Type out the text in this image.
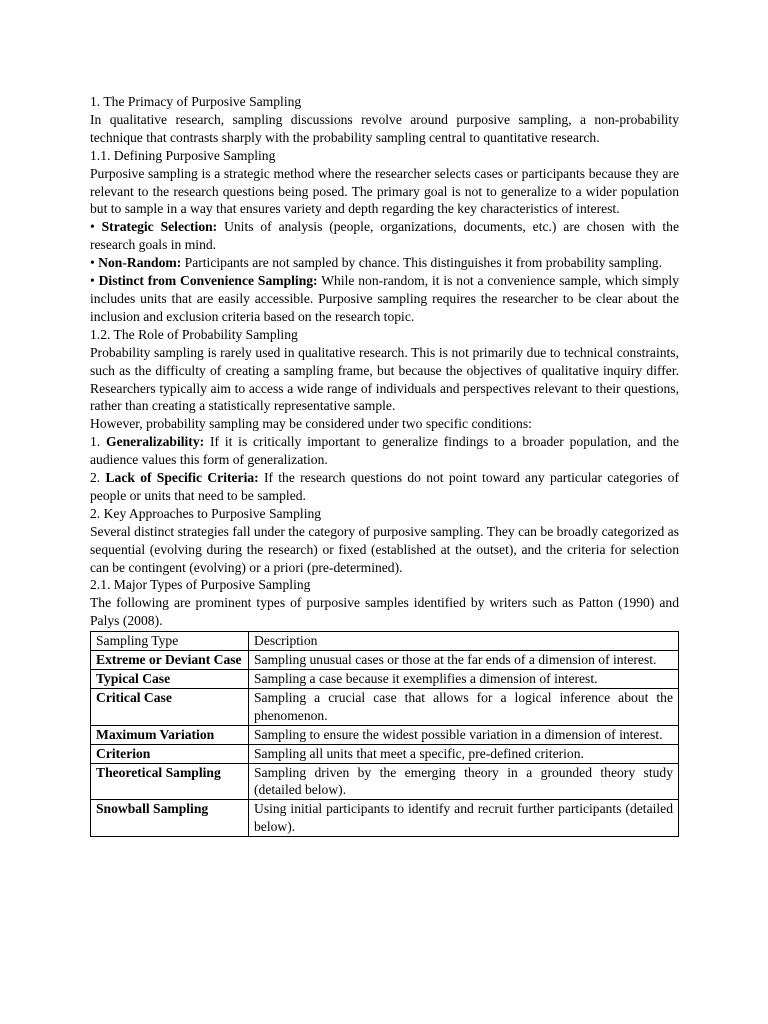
1. The Primacy of Purposive Sampling

In qualitative research, sampling discussions revolve around purposive sampling, a non-probability technique that contrasts sharply with the probability sampling central to quantitative research.

1.1. Defining Purposive Sampling

Purposive sampling is a strategic method where the researcher selects cases or participants because they are relevant to the research questions being posed. The primary goal is not to generalize to a wider population but to sample in a way that ensures variety and depth regarding the key characteristics of interest.

• Strategic Selection: Units of analysis (people, organizations, documents, etc.) are chosen with the research goals in mind.

• Non-Random: Participants are not sampled by chance. This distinguishes it from probability sampling.

• Distinct from Convenience Sampling: While non-random, it is not a convenience sample, which simply includes units that are easily accessible. Purposive sampling requires the researcher to be clear about the inclusion and exclusion criteria based on the research topic.

1.2. The Role of Probability Sampling

Probability sampling is rarely used in qualitative research. This is not primarily due to technical constraints, such as the difficulty of creating a sampling frame, but because the objectives of qualitative inquiry differ. Researchers typically aim to access a wide range of individuals and perspectives relevant to their questions, rather than creating a statistically representative sample.

However, probability sampling may be considered under two specific conditions:

1. Generalizability: If it is critically important to generalize findings to a broader population, and the audience values this form of generalization.

2. Lack of Specific Criteria: If the research questions do not point toward any particular categories of people or units that need to be sampled.

2. Key Approaches to Purposive Sampling

Several distinct strategies fall under the category of purposive sampling. They can be broadly categorized as sequential (evolving during the research) or fixed (established at the outset), and the criteria for selection can be contingent (evolving) or a priori (pre-determined).

2.1. Major Types of Purposive Sampling

The following are prominent types of purposive samples identified by writers such as Patton (1990) and Palys (2008).

Sampling Type	Description
Extreme or Deviant Case	Sampling unusual cases or those at the far ends of a dimension of interest.
Typical Case	Sampling a case because it exemplifies a dimension of interest.
Critical Case	Sampling a crucial case that allows for a logical inference about the phenomenon.
Maximum Variation	Sampling to ensure the widest possible variation in a dimension of interest.
Criterion	Sampling all units that meet a specific, pre-defined criterion.
Theoretical Sampling	Sampling driven by the emerging theory in a grounded theory study (detailed below).
Snowball Sampling	Using initial participants to identify and recruit further participants (detailed below).
